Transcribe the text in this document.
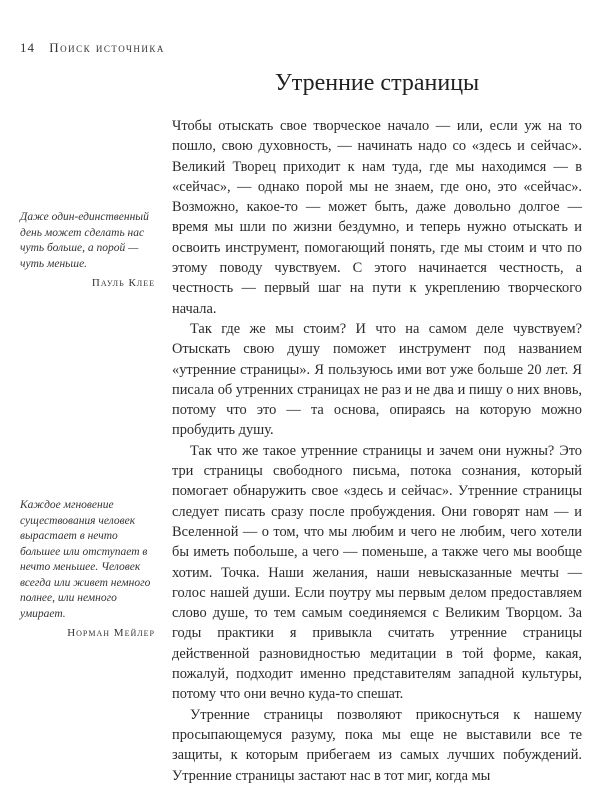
14 Поиск источника
Утренние страницы

Чтобы отыскать свое творческое начало — или, если уж на то пошло, свою духовность, — начинать надо со «здесь и сейчас». Великий Творец приходит к нам туда, где мы находимся — в «сейчас», — однако порой мы не знаем, где оно, это «сейчас». Возможно, какое-то — может быть, даже довольно долгое — время мы шли по жизни бездумно, и теперь нужно отыскать и освоить инструмент, помогающий понять, где мы стоим и что по этому поводу чувствуем. С этого начинается честность, а честность — первый шаг на пути к укреплению творческого начала.

Так где же мы стоим? И что на самом деле чувствуем? Отыскать свою душу поможет инструмент под названием «утренние страницы». Я пользуюсь ими вот уже больше 20 лет. Я писала об утренних страницах не раз и не два и пишу о них вновь, потому что это — та основа, опираясь на которую можно пробудить душу.

Так что же такое утренние страницы и зачем они нужны? Это три страницы свободного письма, потока сознания, который помогает обнаружить свое «здесь и сейчас». Утренние страницы следует писать сразу после пробуждения. Они говорят нам — и Вселенной — о том, что мы любим и чего не любим, чего хотели бы иметь побольше, а чего — поменьше, а также чего мы вообще хотим. Точка. Наши желания, наши невысказанные мечты — голос нашей души. Если поутру мы первым делом предоставляем слово душе, то тем самым соединяемся с Великим Творцом. За годы практики я привыкла считать утренние страницы действенной разновидностью медитации в той форме, какая, пожалуй, подходит именно представителям западной культуры, потому что они вечно куда-то спешат.

Утренние страницы позволяют прикоснуться к нашему просыпающемуся разуму, пока мы еще не выставили все те защиты, к которым прибегаем из самых лучших побуждений. Утренние страницы застают нас в тот миг, когда мы

Даже один-единственный день может сделать нас чуть больше, а порой — чуть меньше.
Пауль Клее
Каждое мгновение существования человек вырастает в нечто большее или отступает в нечто меньшее. Человек всегда или живет немного полнее, или немного умирает.
Норман Мейлер
